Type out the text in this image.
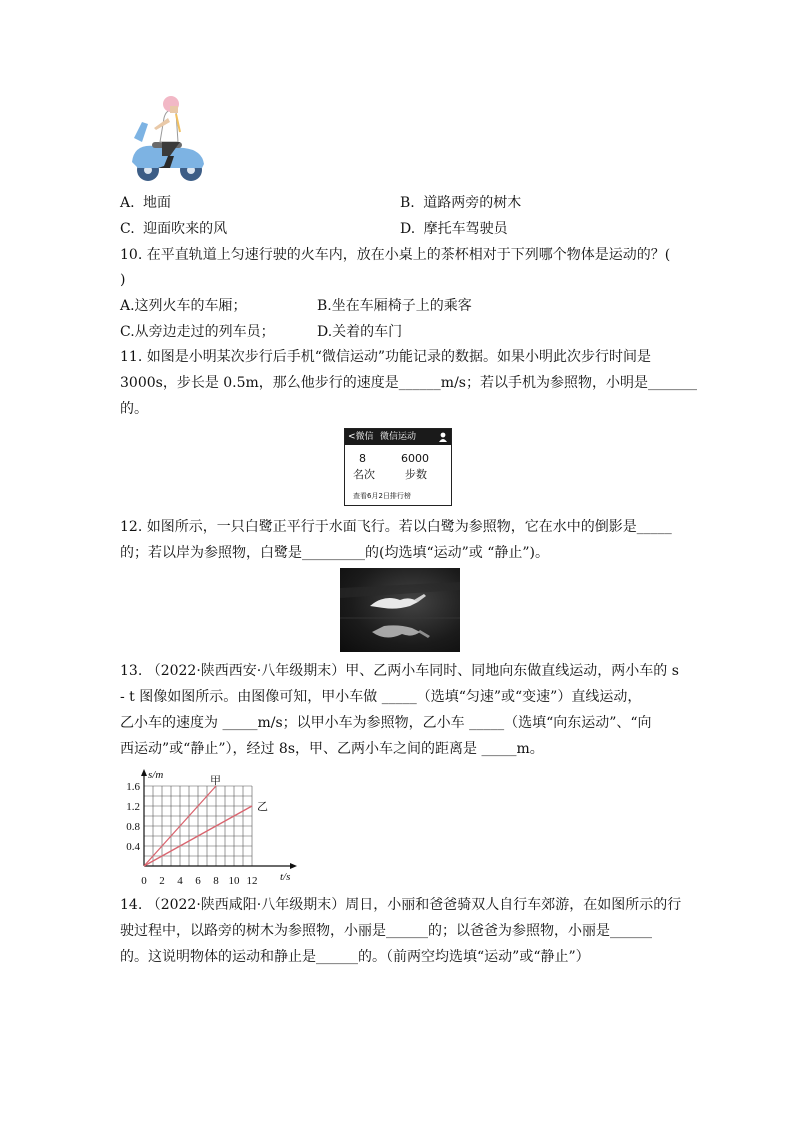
A. 地面	B. 道路两旁的树木
C. 迎面吹来的风	D. 摩托车驾驶员
10. 在平直轨道上匀速行驶的火车内，放在小桌上的茶杯相对于下列哪个物体是运动的？(
)
A.这列火车的车厢；	B.坐在车厢椅子上的乘客
C.从旁边走过的列车员；	D.关着的车门
11. 如图是小明某次步行后手机“微信运动”功能记录的数据。如果小明此次步行时间是
3000s，步长是 0.5m，那么他步行的速度是______m/s；若以手机为参照物，小明是_______
的。
<微信 微信运动
8	6000
名次	步数
查看6月2日排行榜
12. 如图所示，一只白鹭正平行于水面飞行。若以白鹭为参照物，它在水中的倒影是_____
的；若以岸为参照物，白鹭是_________的(均选填“运动”或 “静止”)。
13. （2022·陕西西安·八年级期末）甲、乙两小车同时、同地向东做直线运动，两小车的 s
- t 图像如图所示。由图像可知，甲小车做 _____（选填“匀速”或“变速”）直线运动，
乙小车的速度为 _____m/s；以甲小车为参照物，乙小车 _____（选填“向东运动”、“向
西运动”或“静止”），经过 8s，甲、乙两小车之间的距离是 _____m。
s/m
t/s
0 2 4 6 8 10 12
0.4
0.8
1.2
1.6	甲
乙
14. （2022·陕西咸阳·八年级期末）周日，小丽和爸爸骑双人自行车郊游，在如图所示的行
驶过程中，以路旁的树木为参照物，小丽是______的；以爸爸为参照物，小丽是______
的。这说明物体的运动和静止是______的。（前两空均选填“运动”或“静止”）
